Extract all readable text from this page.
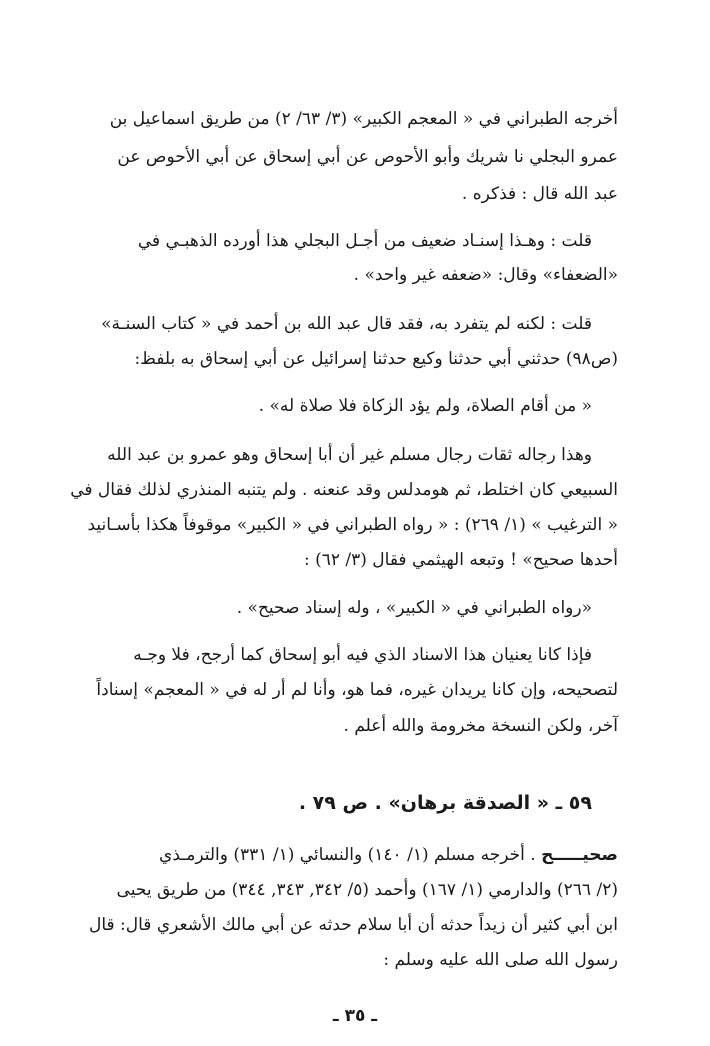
أخرجه الطبراني في « المعجم الكبير» (٣/ ٦٣/ ٢) من طريق اسماعيل بن
عمرو البجلي نا شريك وأبو الأحوص عن أبي إسحاق عن أبي الأحوص عن
عبد الله قال : فذكره .
قلت : وهـذا إسنـاد ضعيف من أجـل البجلي هذا أورده الذهبـي في
«الضعفاء» وقال: «ضعفه غير واحد» .
قلت : لكنه لم يتفرد به، فقد قال عبد الله بن أحمد في « كتاب السنـة»
(ص٩٨) حدثني أبي حدثنا وكيع حدثنا إسرائيل عن أبي إسحاق به بلفظ:
« من أقام الصلاة، ولم يؤد الزكاة فلا صلاة له» .
وهذا رجاله ثقات رجال مسلم غير أن أبا إسحاق وهو عمرو بن عبد الله
السبيعي كان اختلط، ثم هومدلس وقد عنعنه . ولم يتنبه المنذري لذلك فقال في
« الترغيب » (١/ ٢٦٩) : « رواه الطبراني في « الكبير» موقوفاً هكذا بأسـانيد
أحدها صحيح» ! وتبعه الهيثمي فقال (٣/ ٦٢) :
«رواه الطبراني في « الكبير» ، وله إسناد صحيح» .
فإذا كانا يعنيان هذا الاسناد الذي فيه أبو إسحاق كما أرجح، فلا وجـه
لتصحيحه، وإن كانا يريدان غيره، فما هو، وأنا لم أر له في « المعجم» إسناداً
آخر، ولكن النسخة مخرومة والله أعلم .
٥٩ ـ « الصدقة برهان» . ص ٧٩ .
صحيـــــح . أخرجه مسلم (١/ ١٤٠) والنسائي (١/ ٣٣١) والترمـذي
(٢/ ٢٦٦) والدارمي (١/ ١٦٧) وأحمد (٥/ ٣٤٢, ٣٤٣, ٣٤٤) من طريق يحيى
ابن أبي كثير أن زيداً حدثه أن أبا سلام حدثه عن أبي مالك الأشعري قال: قال
رسول الله صلى الله عليه وسلم :
ـ ٣٥ ـ
